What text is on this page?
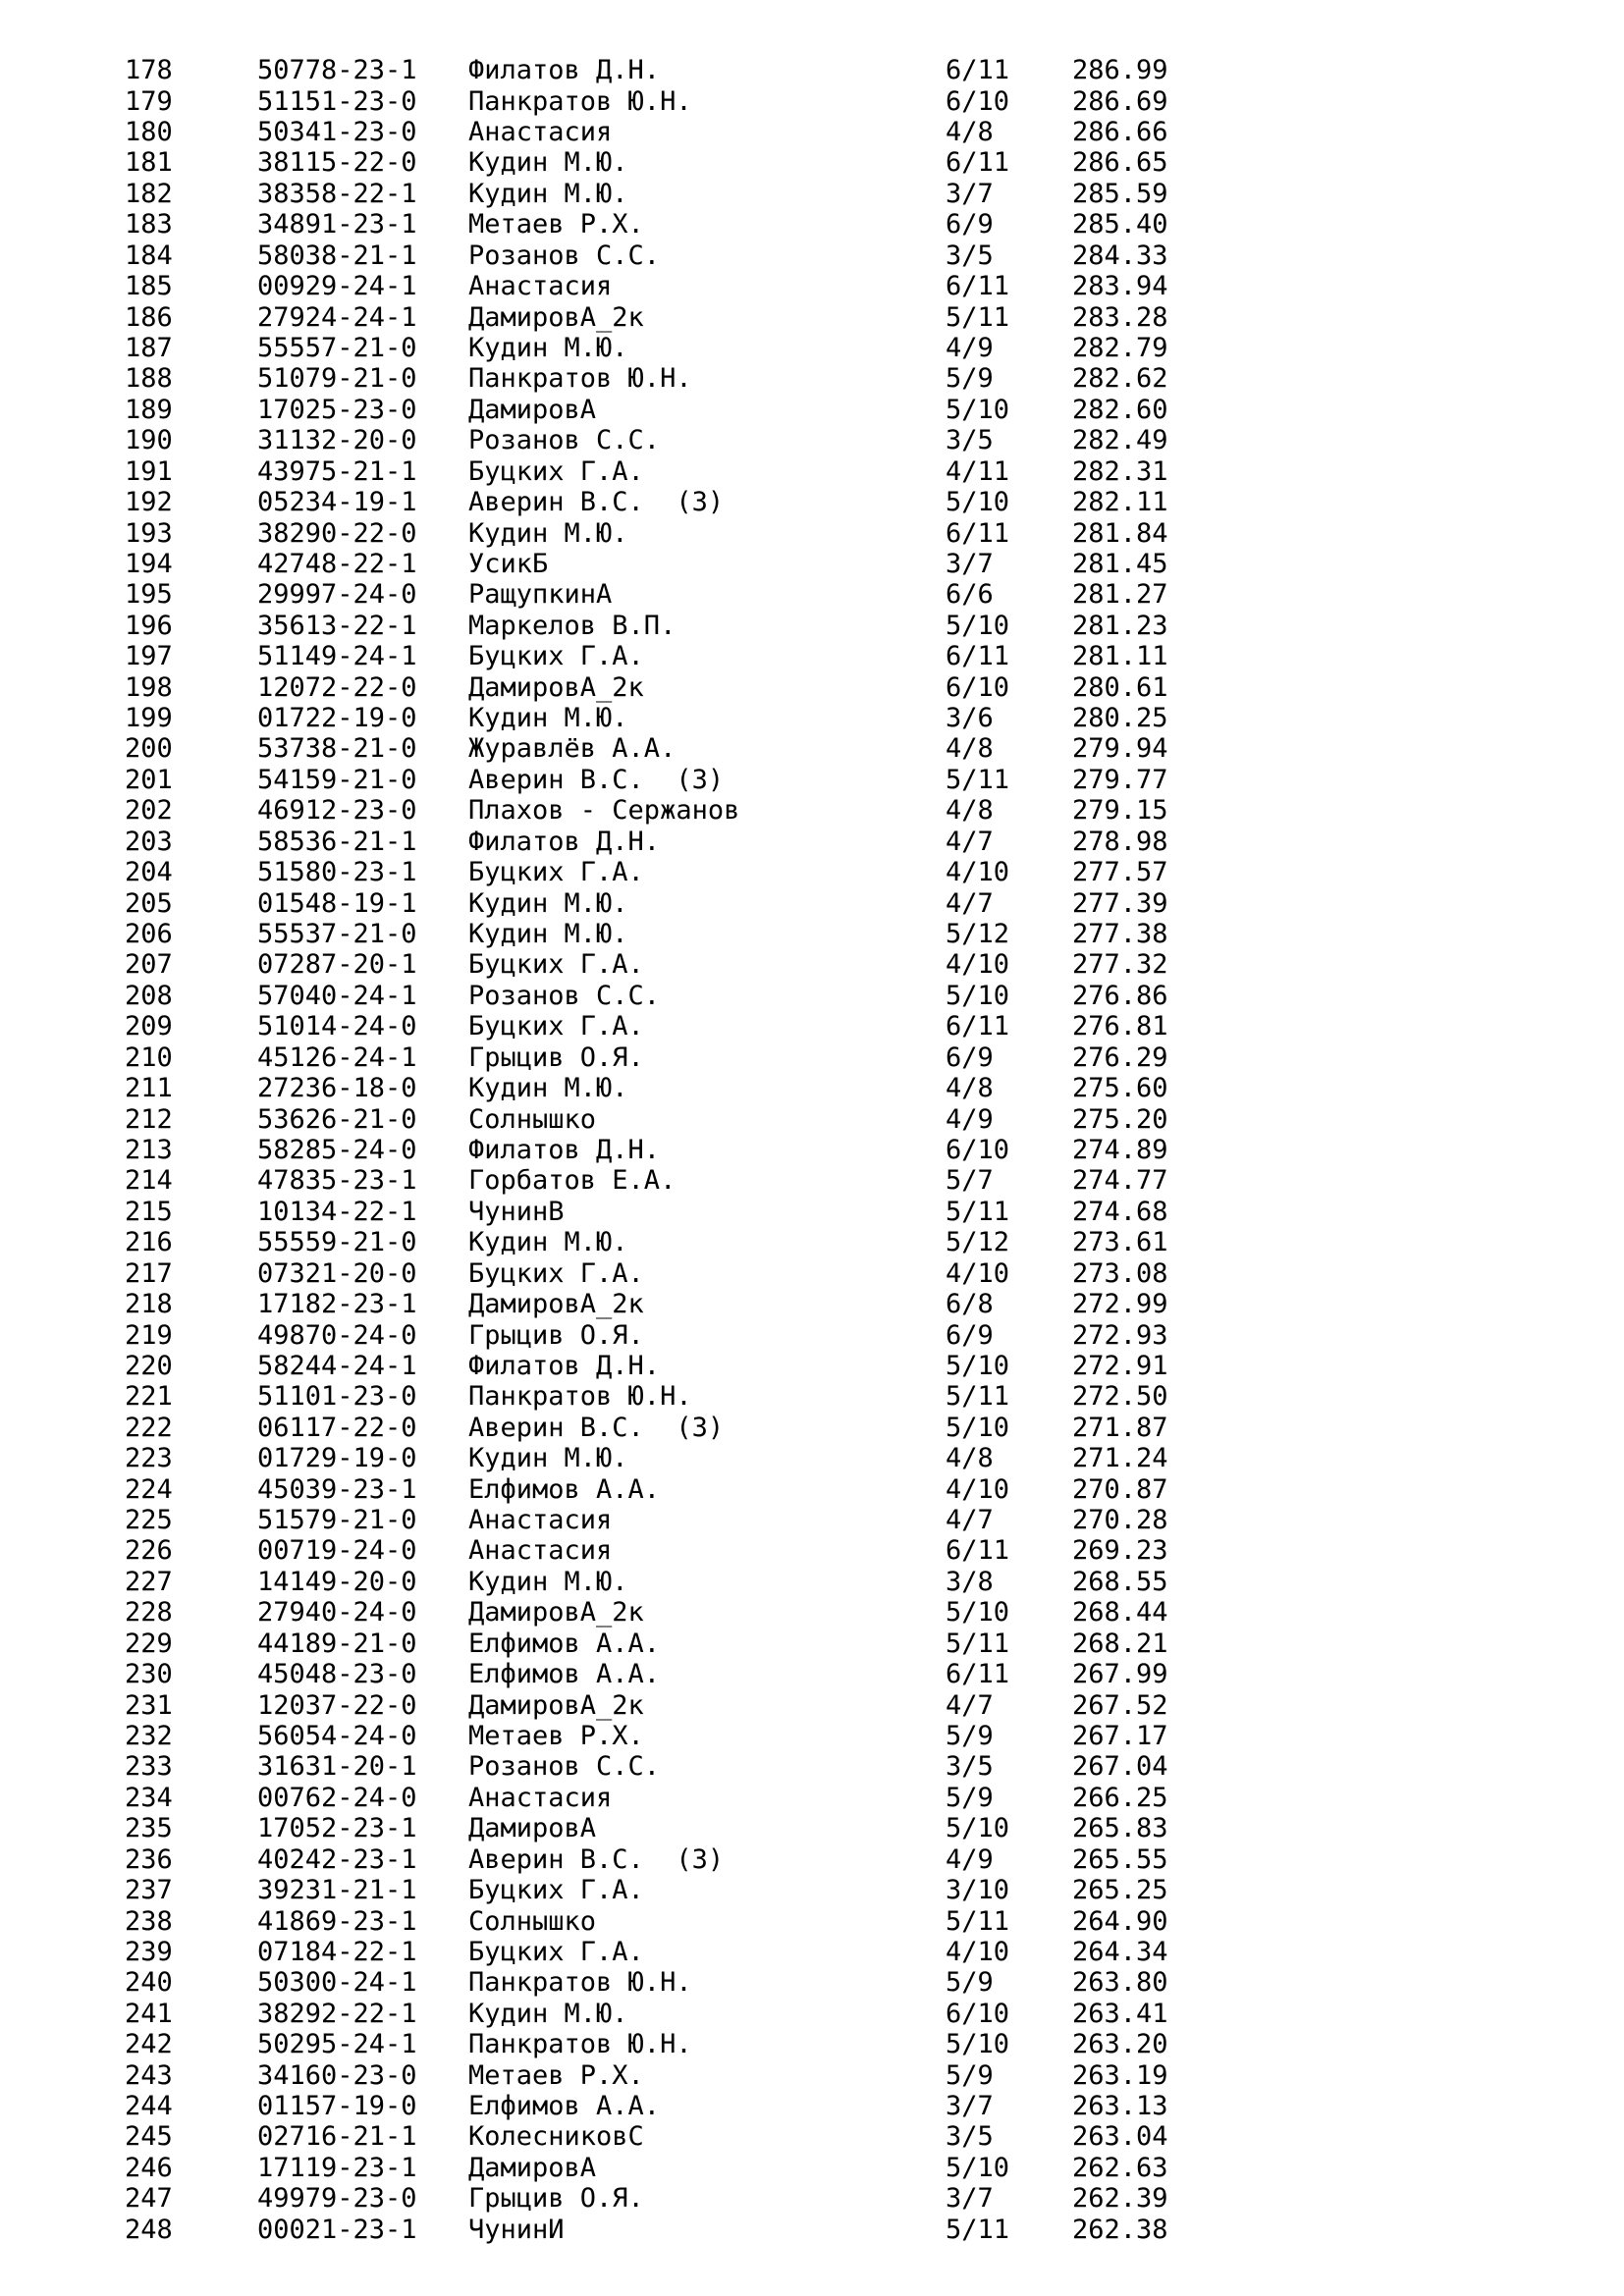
178	50778-23-1	Филатов Д.Н.	6/11	286.99
179	51151-23-0	Панкратов Ю.Н.	6/10	286.69
180	50341-23-0	Анастасия	4/8	286.66
181	38115-22-0	Кудин М.Ю.	6/11	286.65
182	38358-22-1	Кудин М.Ю.	3/7	285.59
183	34891-23-1	Метаев Р.Х.	6/9	285.40
184	58038-21-1	Розанов С.С.	3/5	284.33
185	00929-24-1	Анастасия	6/11	283.94
186	27924-24-1	ДамировА_2к	5/11	283.28
187	55557-21-0	Кудин М.Ю.	4/9	282.79
188	51079-21-0	Панкратов Ю.Н.	5/9	282.62
189	17025-23-0	ДамировА	5/10	282.60
190	31132-20-0	Розанов С.С.	3/5	282.49
191	43975-21-1	Буцких Г.А.	4/11	282.31
192	05234-19-1	Аверин В.С.  (З)	5/10	282.11
193	38290-22-0	Кудин М.Ю.	6/11	281.84
194	42748-22-1	УсикБ	3/7	281.45
195	29997-24-0	РащупкинА	6/6	281.27
196	35613-22-1	Маркелов В.П.	5/10	281.23
197	51149-24-1	Буцких Г.А.	6/11	281.11
198	12072-22-0	ДамировА_2к	6/10	280.61
199	01722-19-0	Кудин М.Ю.	3/6	280.25
200	53738-21-0	Журавлёв А.А.	4/8	279.94
201	54159-21-0	Аверин В.С.  (З)	5/11	279.77
202	46912-23-0	Плахов - Сержанов	4/8	279.15
203	58536-21-1	Филатов Д.Н.	4/7	278.98
204	51580-23-1	Буцких Г.А.	4/10	277.57
205	01548-19-1	Кудин М.Ю.	4/7	277.39
206	55537-21-0	Кудин М.Ю.	5/12	277.38
207	07287-20-1	Буцких Г.А.	4/10	277.32
208	57040-24-1	Розанов С.С.	5/10	276.86
209	51014-24-0	Буцких Г.А.	6/11	276.81
210	45126-24-1	Грыцив О.Я.	6/9	276.29
211	27236-18-0	Кудин М.Ю.	4/8	275.60
212	53626-21-0	Солнышко	4/9	275.20
213	58285-24-0	Филатов Д.Н.	6/10	274.89
214	47835-23-1	Горбатов Е.А.	5/7	274.77
215	10134-22-1	ЧунинВ	5/11	274.68
216	55559-21-0	Кудин М.Ю.	5/12	273.61
217	07321-20-0	Буцких Г.А.	4/10	273.08
218	17182-23-1	ДамировА_2к	6/8	272.99
219	49870-24-0	Грыцив О.Я.	6/9	272.93
220	58244-24-1	Филатов Д.Н.	5/10	272.91
221	51101-23-0	Панкратов Ю.Н.	5/11	272.50
222	06117-22-0	Аверин В.С.  (З)	5/10	271.87
223	01729-19-0	Кудин М.Ю.	4/8	271.24
224	45039-23-1	Елфимов А.А.	4/10	270.87
225	51579-21-0	Анастасия	4/7	270.28
226	00719-24-0	Анастасия	6/11	269.23
227	14149-20-0	Кудин М.Ю.	3/8	268.55
228	27940-24-0	ДамировА_2к	5/10	268.44
229	44189-21-0	Елфимов А.А.	5/11	268.21
230	45048-23-0	Елфимов А.А.	6/11	267.99
231	12037-22-0	ДамировА_2к	4/7	267.52
232	56054-24-0	Метаев Р.Х.	5/9	267.17
233	31631-20-1	Розанов С.С.	3/5	267.04
234	00762-24-0	Анастасия	5/9	266.25
235	17052-23-1	ДамировА	5/10	265.83
236	40242-23-1	Аверин В.С.  (З)	4/9	265.55
237	39231-21-1	Буцких Г.А.	3/10	265.25
238	41869-23-1	Солнышко	5/11	264.90
239	07184-22-1	Буцких Г.А.	4/10	264.34
240	50300-24-1	Панкратов Ю.Н.	5/9	263.80
241	38292-22-1	Кудин М.Ю.	6/10	263.41
242	50295-24-1	Панкратов Ю.Н.	5/10	263.20
243	34160-23-0	Метаев Р.Х.	5/9	263.19
244	01157-19-0	Елфимов А.А.	3/7	263.13
245	02716-21-1	КолесниковС	3/5	263.04
246	17119-23-1	ДамировА	5/10	262.63
247	49979-23-0	Грыцив О.Я.	3/7	262.39
248	00021-23-1	ЧунинИ	5/11	262.38
